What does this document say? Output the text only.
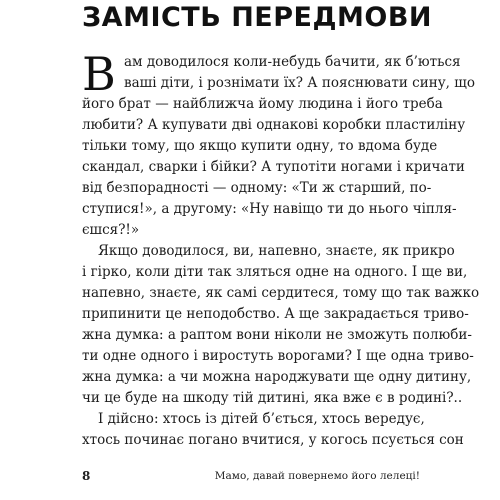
ЗАМІСТЬ ПЕРЕДМОВИ
В ам доводилося коли-небудь бачити, як б’ються
ваші діти, і рознімати їх? А пояснювати сину, що
його брат — найближча йому людина і його треба
любити? А купувати дві однакові коробки пластиліну
тільки тому, що якщо купити одну, то вдома буде
скандал, сварки і бійки? А тупотіти ногами і кричати
від безпорадності — одному: «Ти ж старший, по-
ступися!», а другому: «Ну навіщо ти до нього чіпля-
єшся?!»
Якщо доводилося, ви, напевно, знаєте, як прикро
і гірко, коли діти так зляться одне на одного. І ще ви,
напевно, знаєте, як самі сердитеся, тому що так важко
припинити це неподобство. А ще закрадається триво-
жна думка: а раптом вони ніколи не зможуть полюби-
ти одне одного і виростуть ворогами? І ще одна триво-
жна думка: а чи можна народжувати ще одну дитину,
чи це буде на шкоду тій дитині, яка вже є в родині?..
І дійсно: хтось із дітей б’ється, хтось вередує,
хтось починає погано вчитися, у когось псується сон
8	Мамо, давай повернемо його лелеці!
